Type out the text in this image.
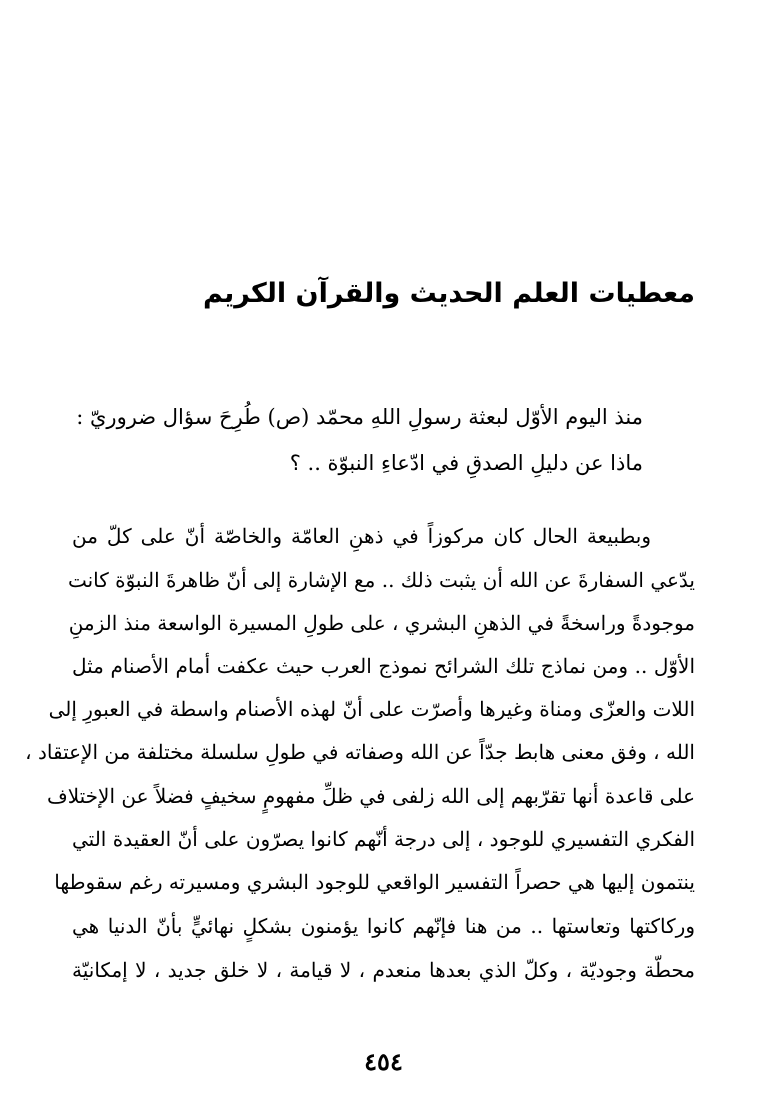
معطيات العلم الحديث والقرآن الكريم
منذ اليوم الأوّل لبعثة رسولِ اللهِ محمّد (ص) طُرِحَ سؤال ضروريّ :
ماذا عن دليلِ الصدقِ في ادّعاءِ النبوّة .. ؟
وبطبيعة الحال كان مركوزاً في ذهنِ العامّة والخاصّة أنّ على كلّ من
يدّعي السفارةَ عن الله أن يثبت ذلك .. مع الإشارة إلى أنّ ظاهرةَ النبوّة كانت
موجودةً وراسخةً في الذهنِ البشري ، على طولِ المسيرة الواسعة منذ الزمنِ
الأوّل .. ومن نماذج تلك الشرائح نموذج العرب حيث عكفت أمام الأصنام مثل
اللات والعزّى ومناة وغيرها وأصرّت على أنّ لهذه الأصنام واسطة في العبورِ إلى
الله ، وفق معنى هابط جدّاً عن الله وصفاته في طولِ سلسلة مختلفة من الإعتقاد ،
على قاعدة أنها تقرّبهم إلى الله زلفى في ظلِّ مفهومٍ سخيفٍ فضلاً عن الإختلاف
الفكري التفسيري للوجود ، إلى درجة أنّهم كانوا يصرّون على أنّ العقيدة التي
ينتمون إليها هي حصراً التفسير الواقعي للوجود البشري ومسيرته رغم سقوطها
وركاكتها وتعاستها .. من هنا فإنّهم كانوا يؤمنون بشكلٍ نهائيٍّ بأنّ الدنيا هي
محطّة وجوديّة ، وكلّ الذي بعدها منعدم ، لا قيامة ، لا خلق جديد ، لا إمكانيّة
٤٥٤
